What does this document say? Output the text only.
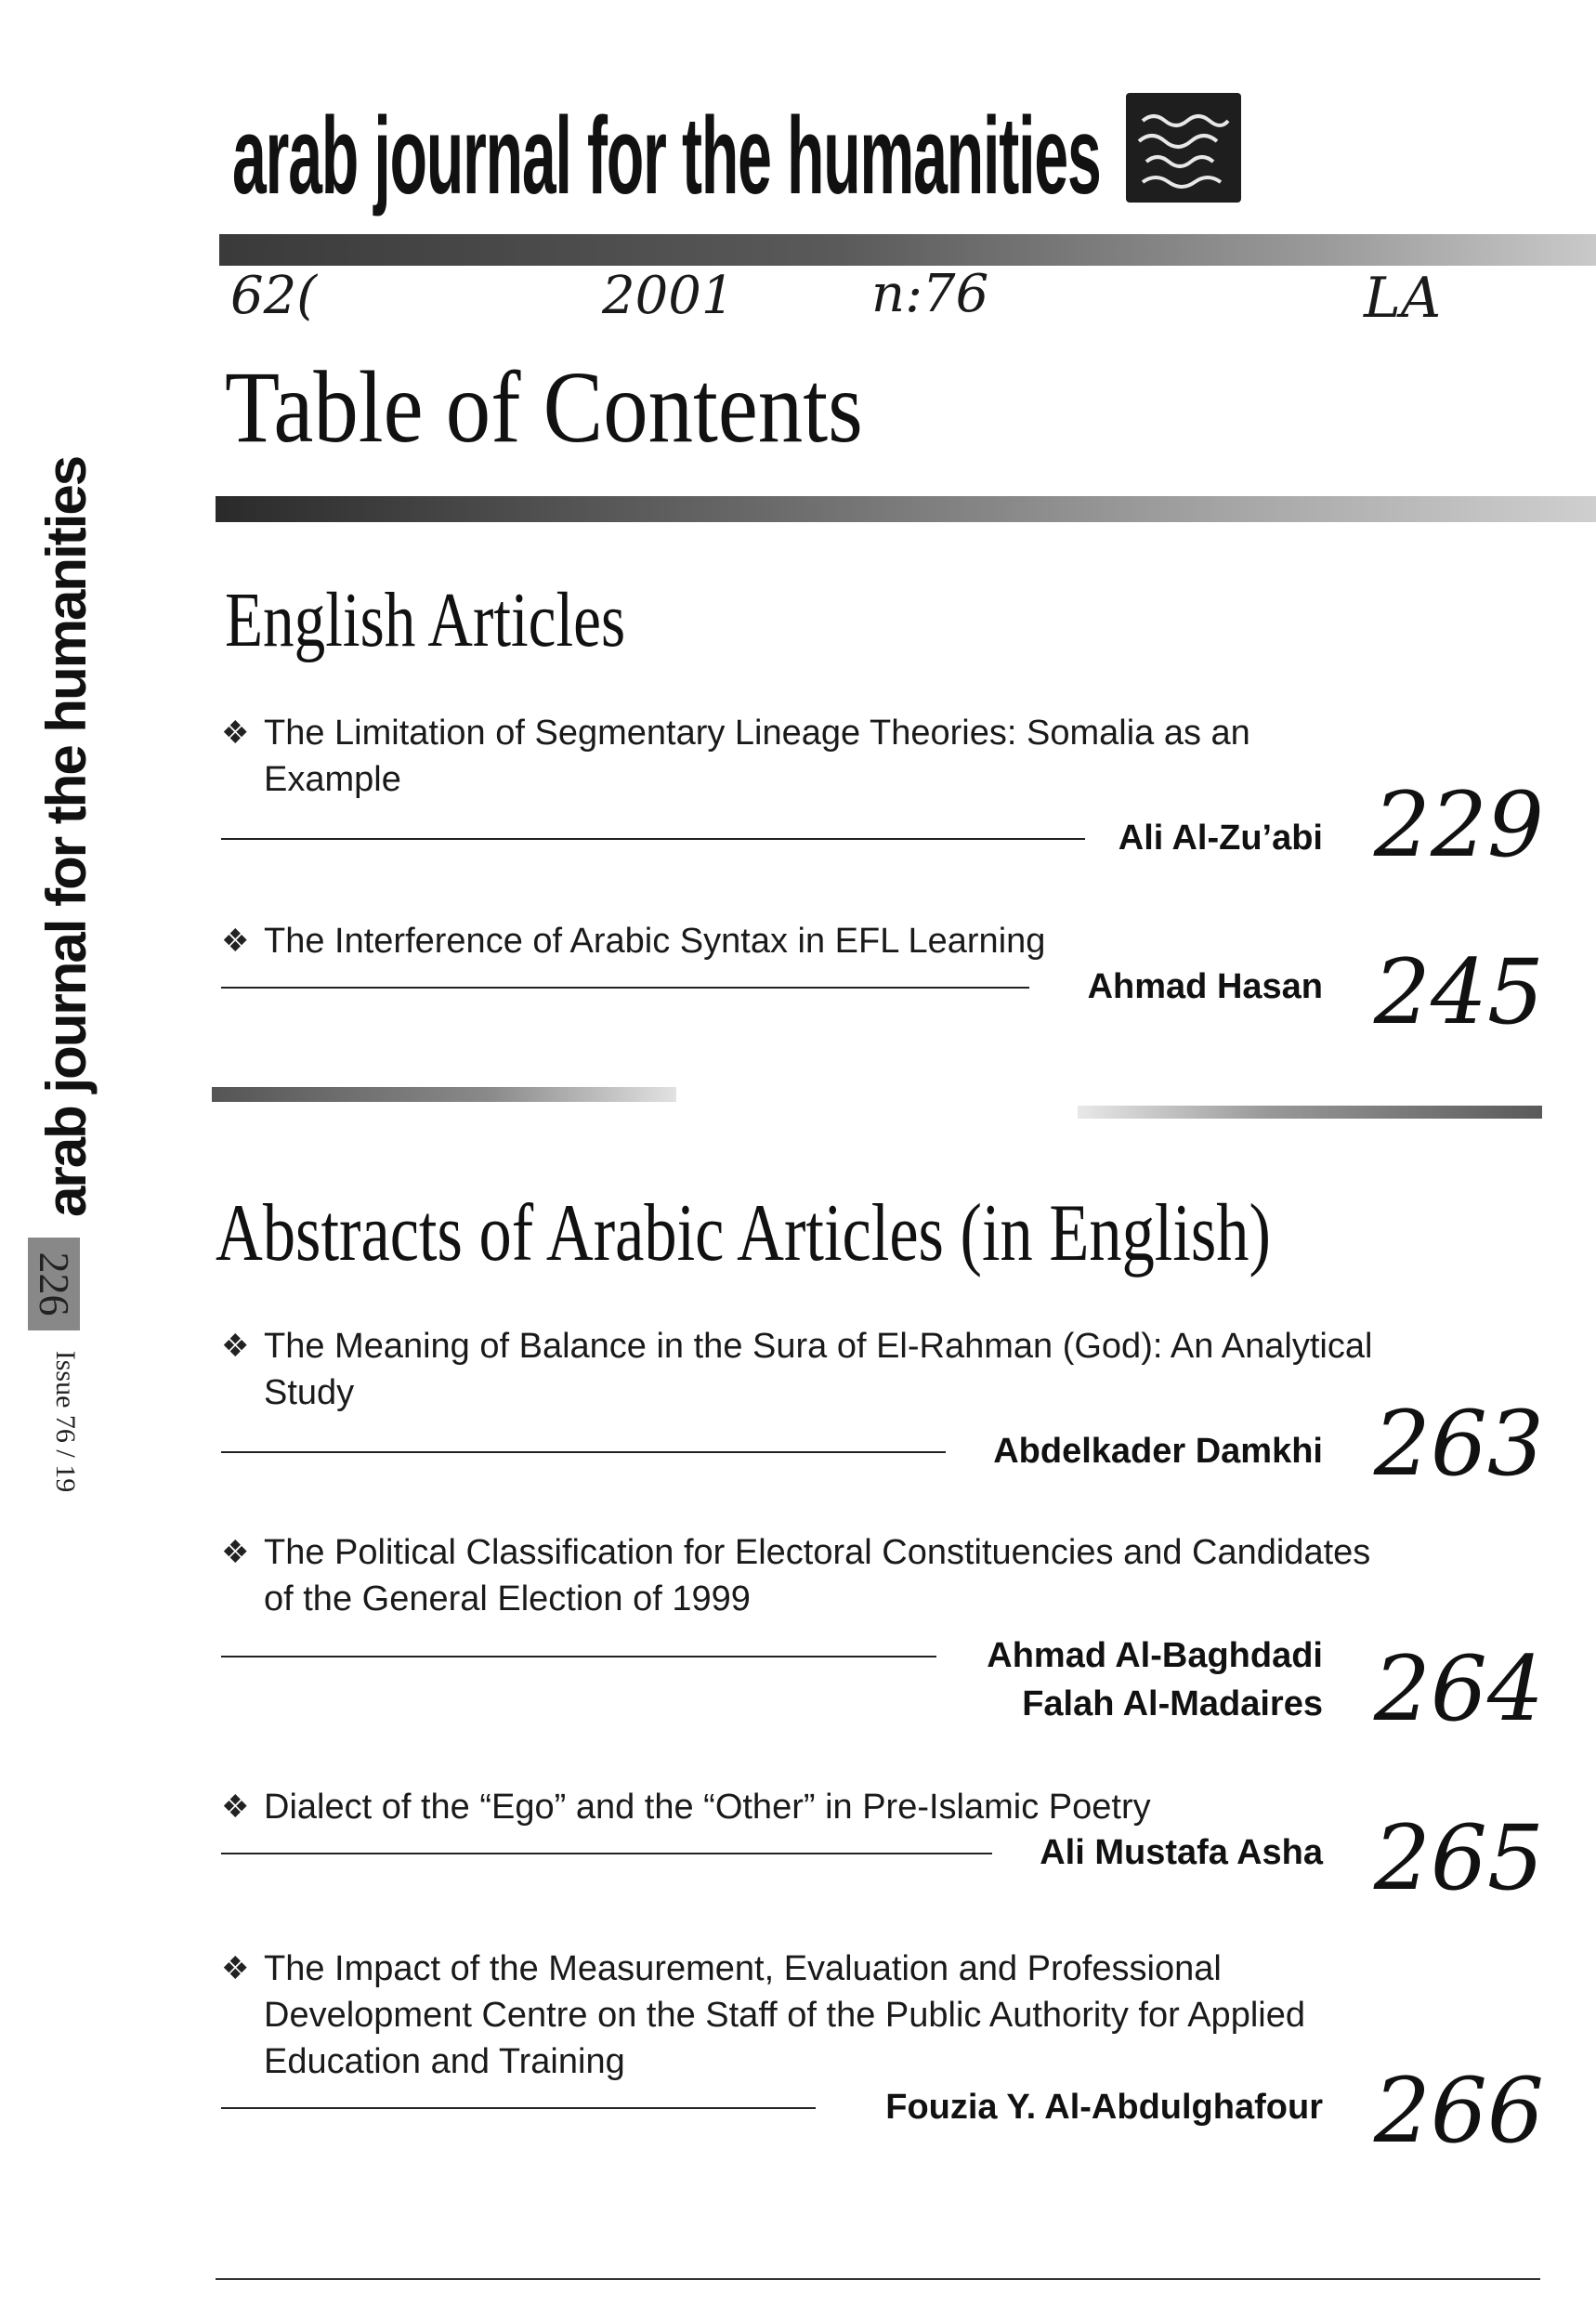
arab journal for the humanities
62(	2001	n:76	LA
Table of Contents
English Articles
❖ The Limitation of Segmentary Lineage Theories: Somalia as an Example
Ali Al-Zu’abi 229
❖ The Interference of Arabic Syntax in EFL Learning
Ahmad Hasan 245
Abstracts of Arabic Articles (in English)
❖ The Meaning of Balance in the Sura of El-Rahman (God): An Analytical Study
Abdelkader Damkhi 263
❖ The Political Classification for Electoral Constituencies and Candidates of the General Election of 1999
Ahmad Al-Baghdadi
Falah Al-Madaires 264
❖ Dialect of the “Ego” and the “Other” in Pre-Islamic Poetry
Ali Mustafa Asha 265
❖ The Impact of the Measurement, Evaluation and Professional Development Centre on the Staff of the Public Authority for Applied Education and Training
Fouzia Y. Al-Abdulghafour 266
arab journal for the humanities
226
Issue 76 / 19
